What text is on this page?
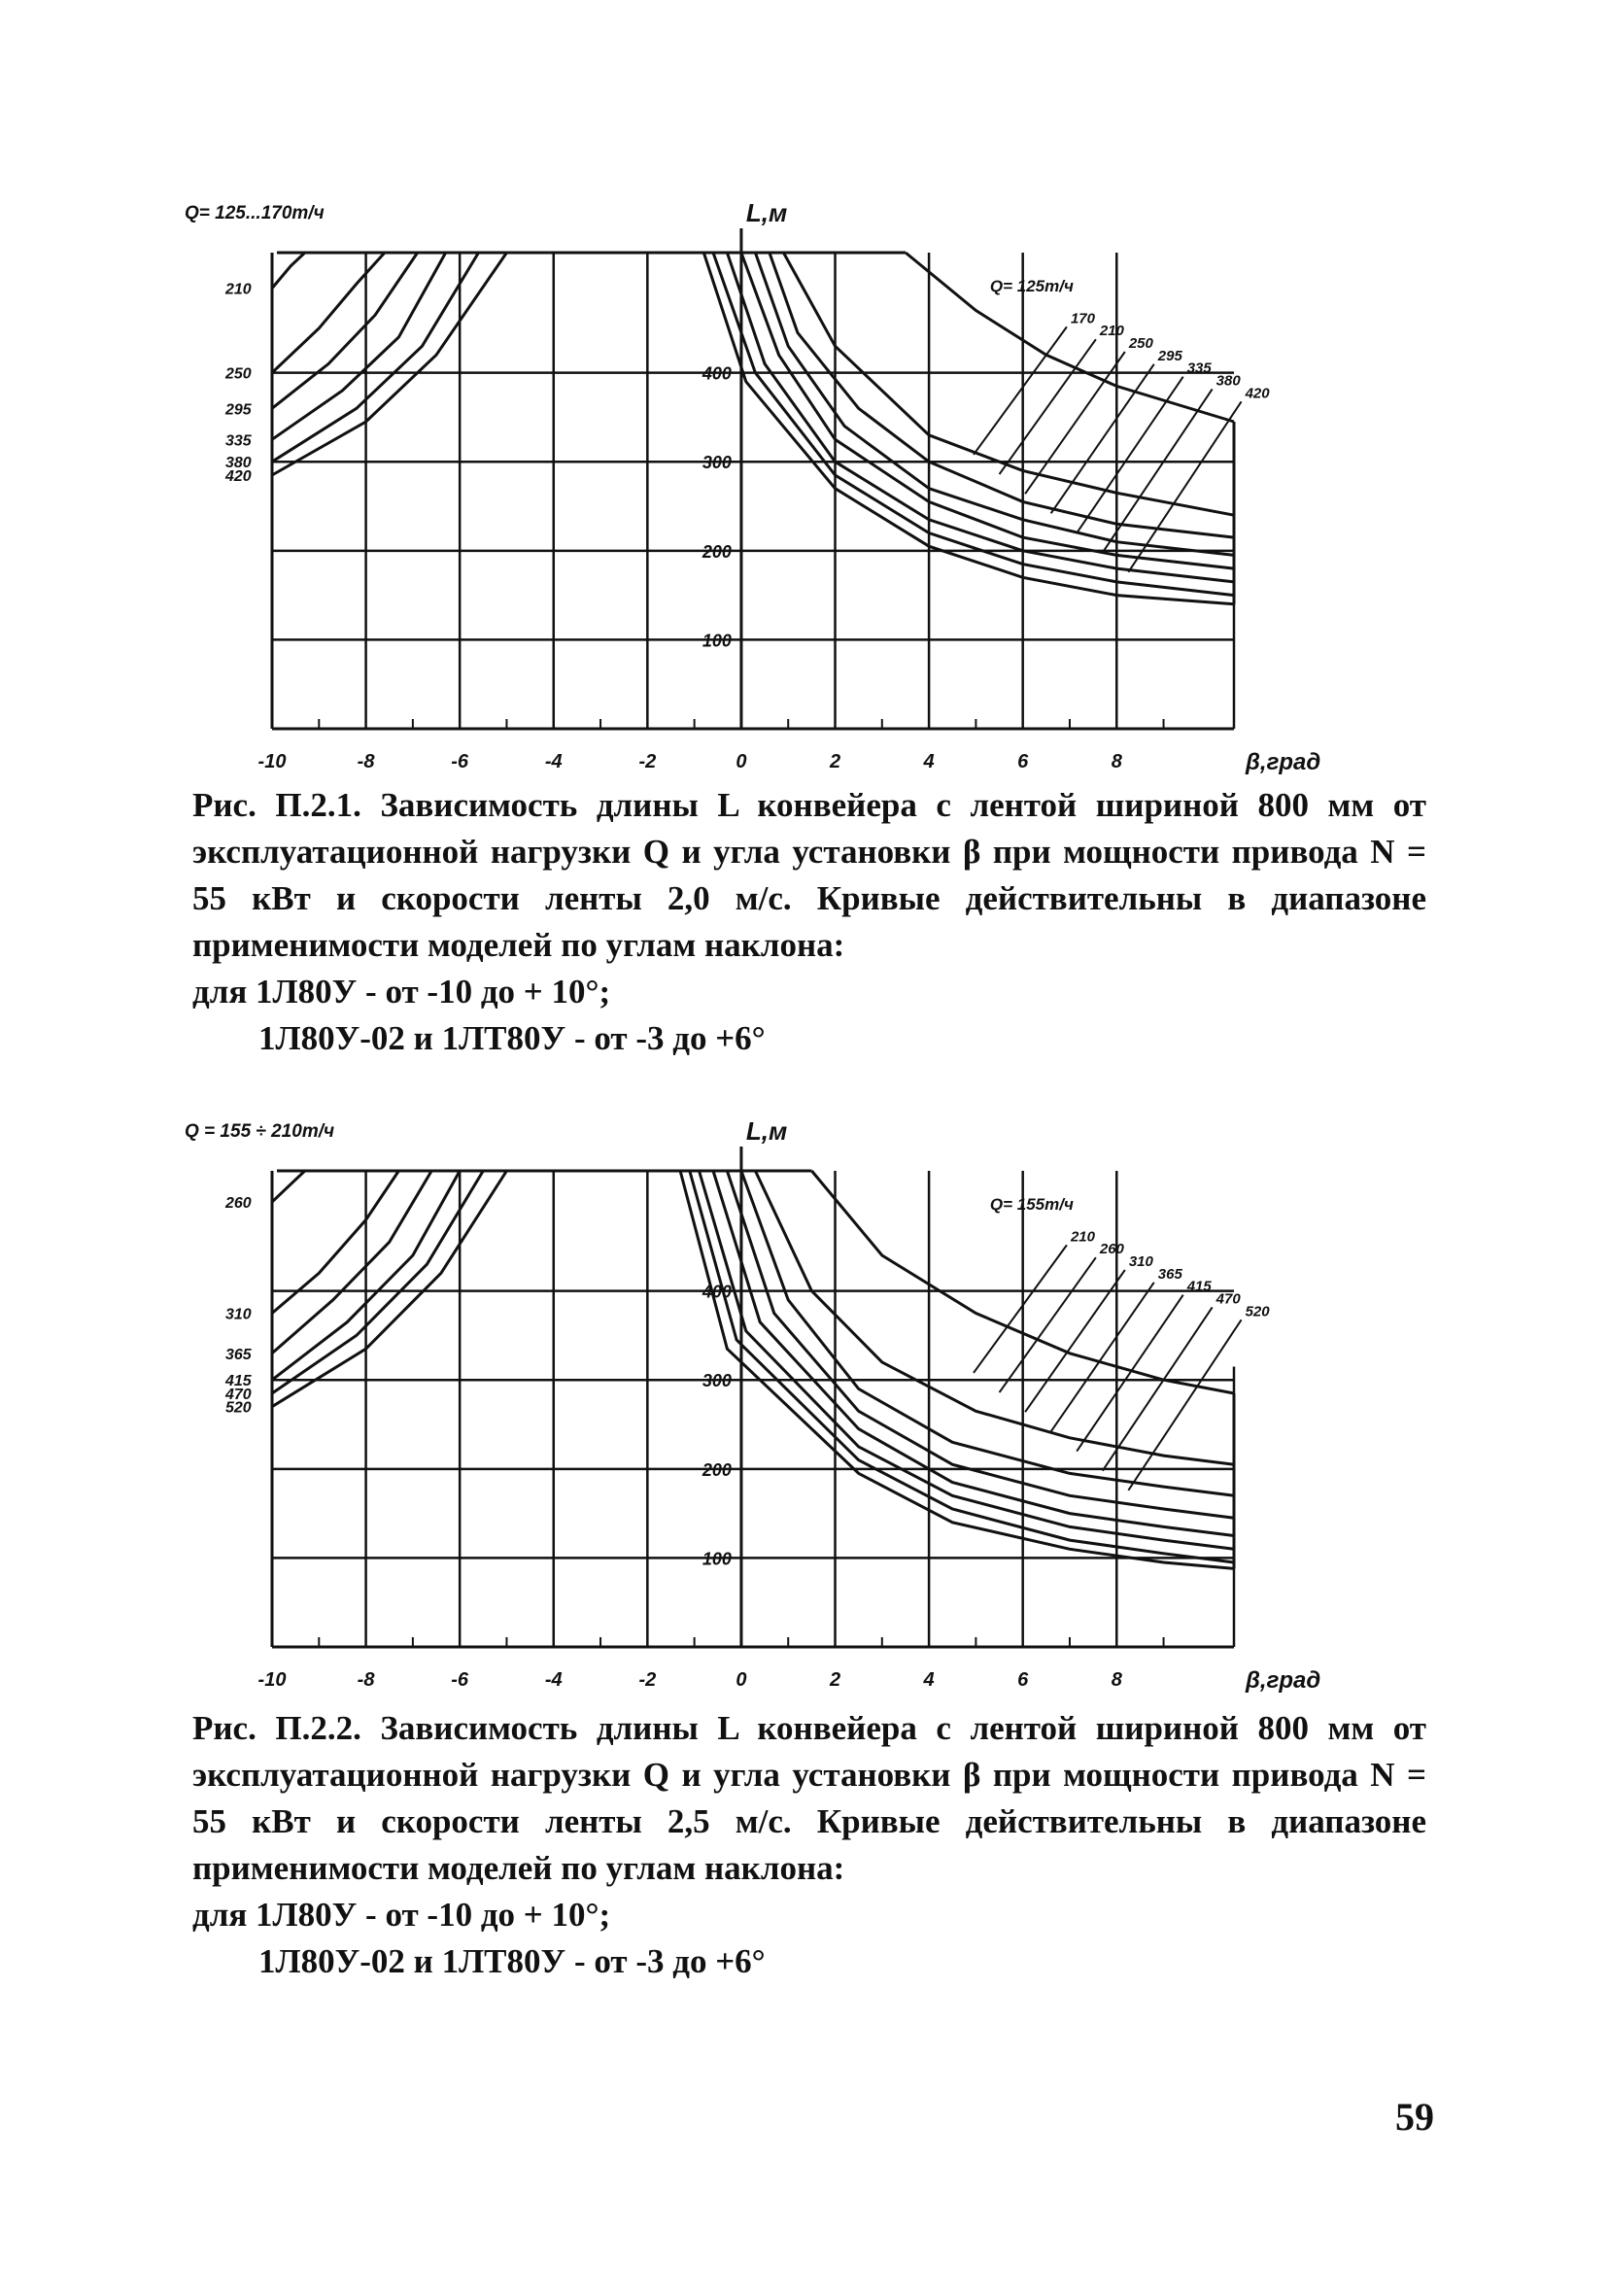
-10	-8	-6	-4	-2	0	2	4	6	8
100
200
300
400
L,м
β,град
Q= 125...170т/ч
Q= 125т/ч
210
250
295
335
380
420
170
210
250
295
335
380
420

Рис. П.2.1. Зависимость длины L конвейера с лентой шириной 800 мм от эксплуатационной нагрузки Q и угла установки β при мощности привода N = 55 кВт и скорости ленты 2,0 м/с. Кривые действительны в диапазоне применимости моделей по углам наклона:

для 1Л80У - от -10 до + 10°;
1Л80У-02 и 1ЛТ80У - от -3 до +6°
-10	-8	-6	-4	-2	0	2	4	6	8
100
200
300
400
L,м
β,град
Q = 155 ÷ 210т/ч
Q= 155т/ч
260
310
365
415
470
520
210
260
310
365
415
470
520

Рис. П.2.2. Зависимость длины L конвейера с лентой шириной 800 мм от эксплуатационной нагрузки Q и угла установки β при мощности привода N = 55 кВт и скорости ленты 2,5 м/с. Кривые действительны в диапазоне применимости моделей по углам наклона:

для 1Л80У - от -10 до + 10°;
1Л80У-02 и 1ЛТ80У - от -3 до +6°
59
